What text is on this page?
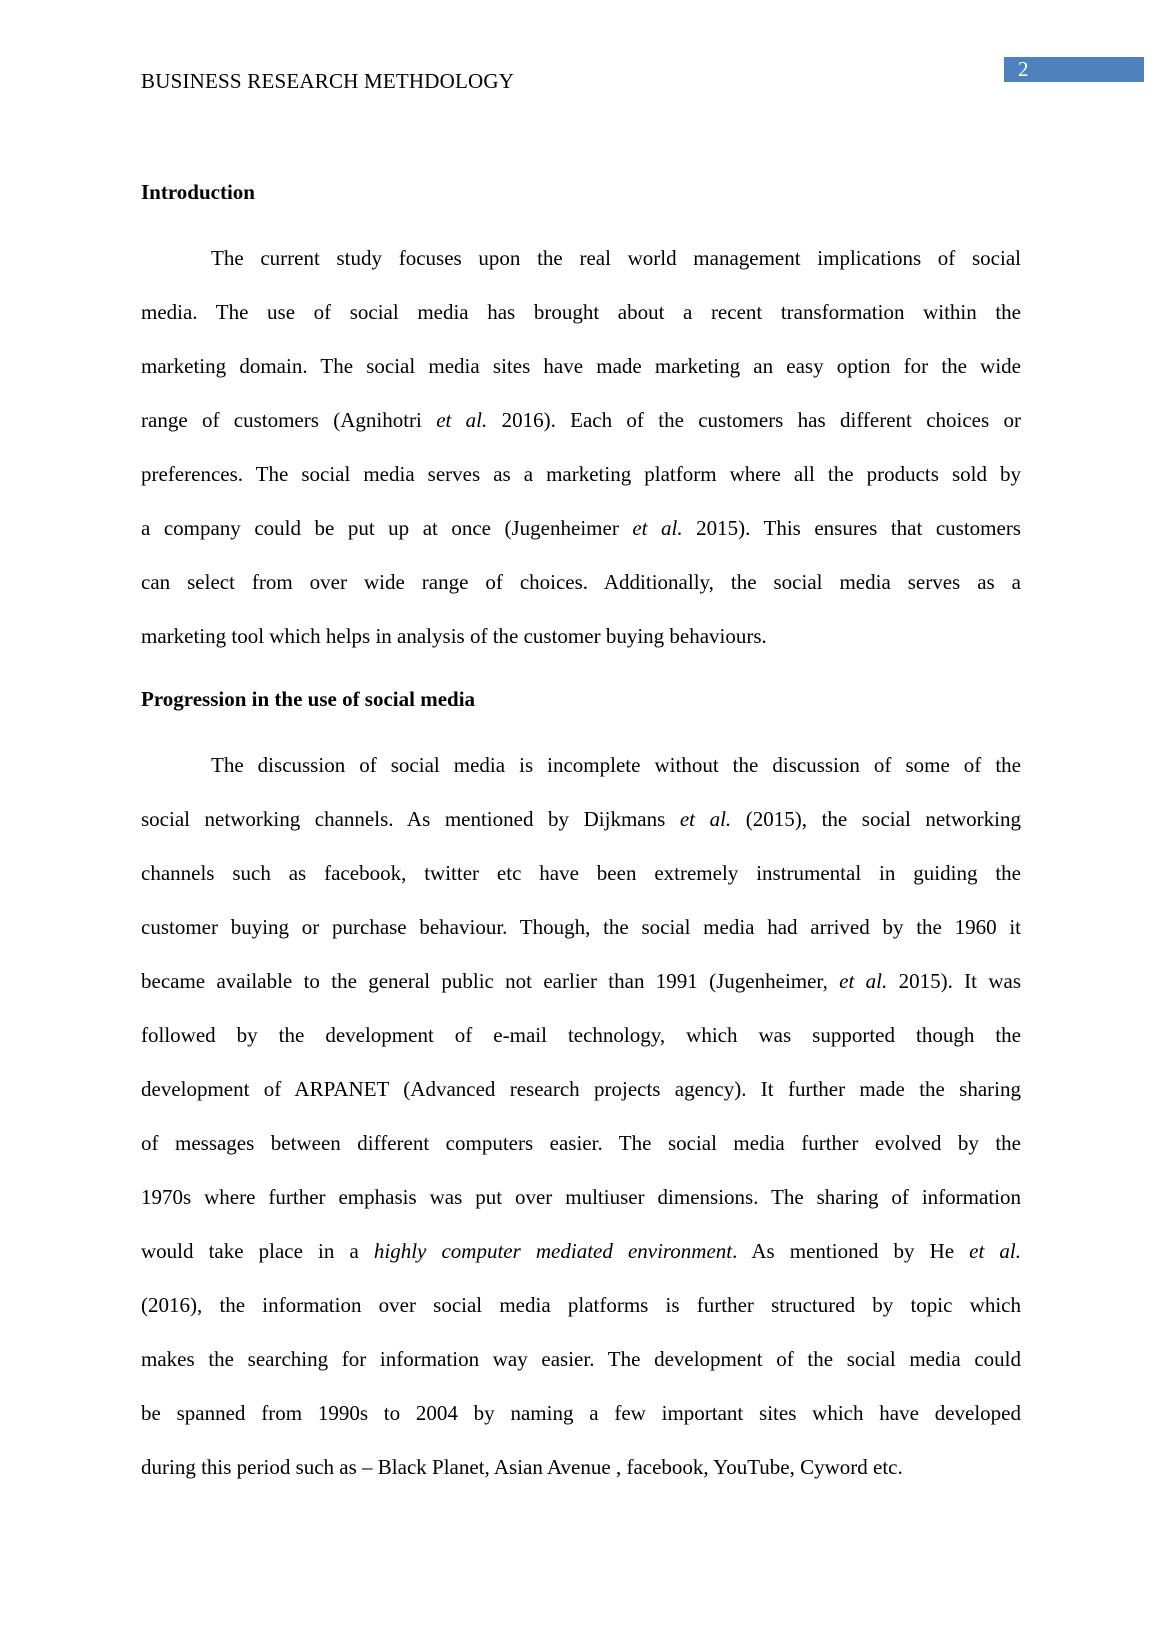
2
BUSINESS RESEARCH METHDOLOGY
Introduction
The current study focuses upon the real world management implications of social
media. The use of social media has brought about a recent transformation within the
marketing domain. The social media sites have made marketing an easy option for the wide
range of customers (Agnihotri et al. 2016). Each of the customers has different choices or
preferences. The social media serves as a marketing platform where all the products sold by
a company could be put up at once (Jugenheimer et al. 2015). This ensures that customers
can select from over wide range of choices. Additionally, the social media serves as a
marketing tool which helps in analysis of the customer buying behaviours.
Progression in the use of social media
The discussion of social media is incomplete without the discussion of some of the
social networking channels. As mentioned by Dijkmans et al. (2015), the social networking
channels such as facebook, twitter etc have been extremely instrumental in guiding the
customer buying or purchase behaviour. Though, the social media had arrived by the 1960 it
became available to the general public not earlier than 1991 (Jugenheimer, et al. 2015). It was
followed by the development of e-mail technology, which was supported though the
development of ARPANET (Advanced research projects agency). It further made the sharing
of messages between different computers easier. The social media further evolved by the
1970s where further emphasis was put over multiuser dimensions. The sharing of information
would take place in a highly computer mediated environment. As mentioned by He et al.
(2016), the information over social media platforms is further structured by topic which
makes the searching for information way easier. The development of the social media could
be spanned from 1990s to 2004 by naming a few important sites which have developed
during this period such as – Black Planet, Asian Avenue , facebook, YouTube, Cyword etc.
